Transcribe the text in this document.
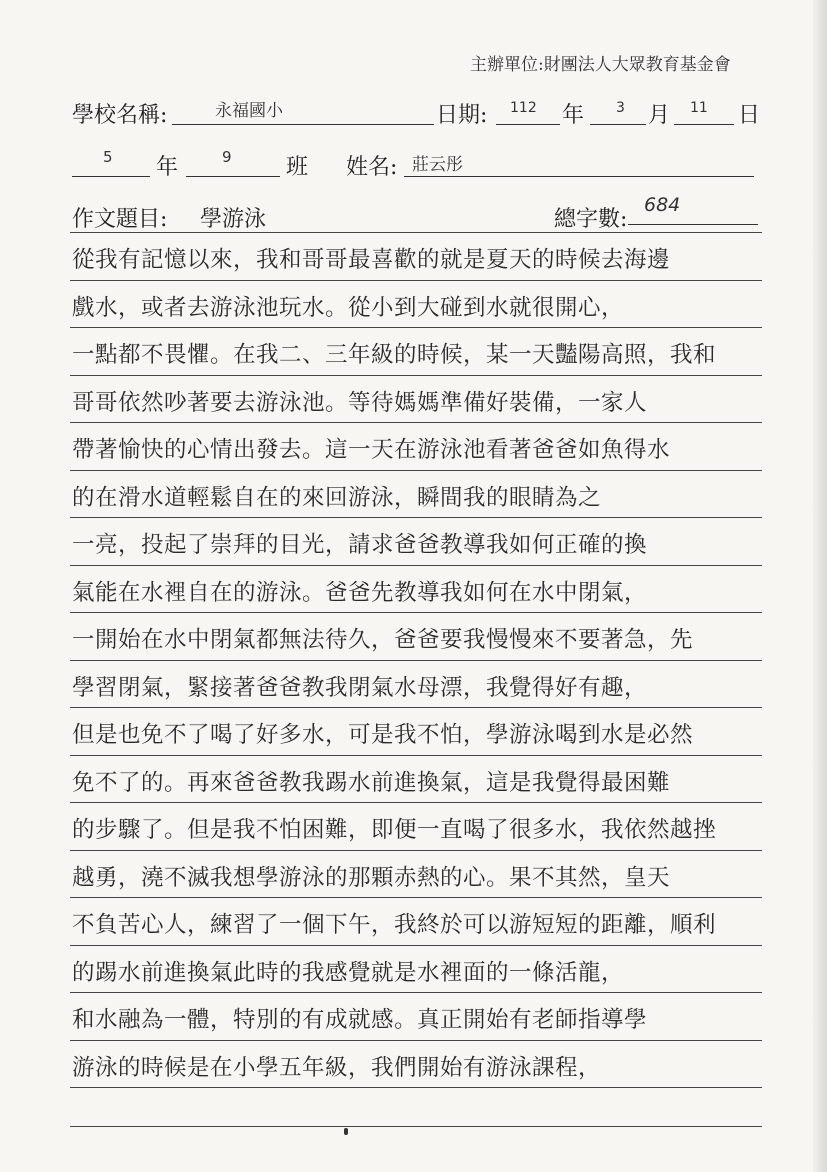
主辦單位:財團法人大眾教育基金會
學校名稱:	永福國小	日期: 112 年 3 月 11 日
5 年	9 班 姓名: 莊云彤
作文題目: 學游泳	總字數:
684
從我有記憶以來，我和哥哥最喜歡的就是夏天的時候去海邊
戲水，或者去游泳池玩水。從小到大碰到水就很開心，
一點都不畏懼。在我二、三年級的時候，某一天豔陽高照，我和
哥哥依然吵著要去游泳池。等待媽媽準備好裝備，一家人
帶著愉快的心情出發去。這一天在游泳池看著爸爸如魚得水
的在滑水道輕鬆自在的來回游泳，瞬間我的眼睛為之
一亮，投起了崇拜的目光，請求爸爸教導我如何正確的換
氣能在水裡自在的游泳。爸爸先教導我如何在水中閉氣，
一開始在水中閉氣都無法待久，爸爸要我慢慢來不要著急，先
學習閉氣，緊接著爸爸教我閉氣水母漂，我覺得好有趣，
但是也免不了喝了好多水，可是我不怕，學游泳喝到水是必然
免不了的。再來爸爸教我踢水前進換氣，這是我覺得最困難
的步驟了。但是我不怕困難，即便一直喝了很多水，我依然越挫
越勇，澆不滅我想學游泳的那顆赤熱的心。果不其然，皇天
不負苦心人，練習了一個下午，我終於可以游短短的距離，順利
的踢水前進換氣此時的我感覺就是水裡面的一條活龍，
和水融為一體，特別的有成就感。真正開始有老師指導學
游泳的時候是在小學五年級，我們開始有游泳課程，
